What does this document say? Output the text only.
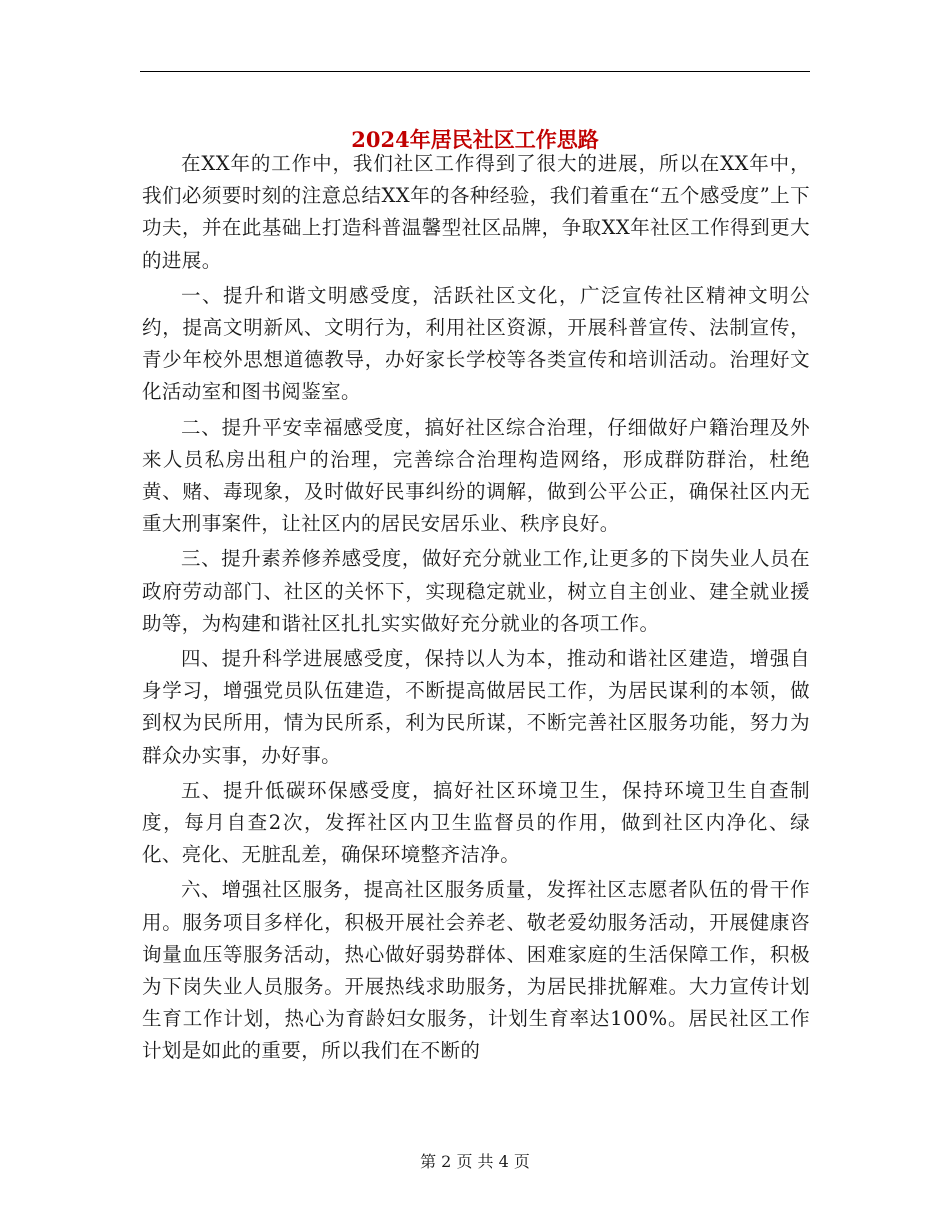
2024年居民社区工作思路

在XX年的工作中，我们社区工作得到了很大的进展，所以在XX年中，我们必须要时刻的注意总结XX年的各种经验，我们着重在“五个感受度”上下功夫，并在此基础上打造科普温馨型社区品牌，争取XX年社区工作得到更大的进展。

一、提升和谐文明感受度，活跃社区文化，广泛宣传社区精神文明公约，提高文明新风、文明行为，利用社区资源，开展科普宣传、法制宣传，青少年校外思想道德教导，办好家长学校等各类宣传和培训活动。治理好文化活动室和图书阅鉴室。

二、提升平安幸福感受度，搞好社区综合治理，仔细做好户籍治理及外来人员私房出租户的治理，完善综合治理构造网络，形成群防群治，杜绝黄、赌、毒现象，及时做好民事纠纷的调解，做到公平公正，确保社区内无重大刑事案件，让社区内的居民安居乐业、秩序良好。

三、提升素养修养感受度，做好充分就业工作,让更多的下岗失业人员在政府劳动部门、社区的关怀下，实现稳定就业，树立自主创业、建全就业援助等，为构建和谐社区扎扎实实做好充分就业的各项工作。

四、提升科学进展感受度，保持以人为本，推动和谐社区建造，增强自身学习，增强党员队伍建造，不断提高做居民工作，为居民谋利的本领，做到权为民所用，情为民所系，利为民所谋，不断完善社区服务功能，努力为群众办实事，办好事。

五、提升低碳环保感受度，搞好社区环境卫生，保持环境卫生自查制度，每月自查2次，发挥社区内卫生监督员的作用，做到社区内净化、绿化、亮化、无脏乱差，确保环境整齐洁净。

六、增强社区服务，提高社区服务质量，发挥社区志愿者队伍的骨干作用。服务项目多样化，积极开展社会养老、敬老爱幼服务活动，开展健康咨询量血压等服务活动，热心做好弱势群体、困难家庭的生活保障工作，积极为下岗失业人员服务。开展热线求助服务，为居民排扰解难。大力宣传计划生育工作计划，热心为育龄妇女服务，计划生育率达100%。居民社区工作计划是如此的重要，所以我们在不断的

第 2 页 共 4 页
